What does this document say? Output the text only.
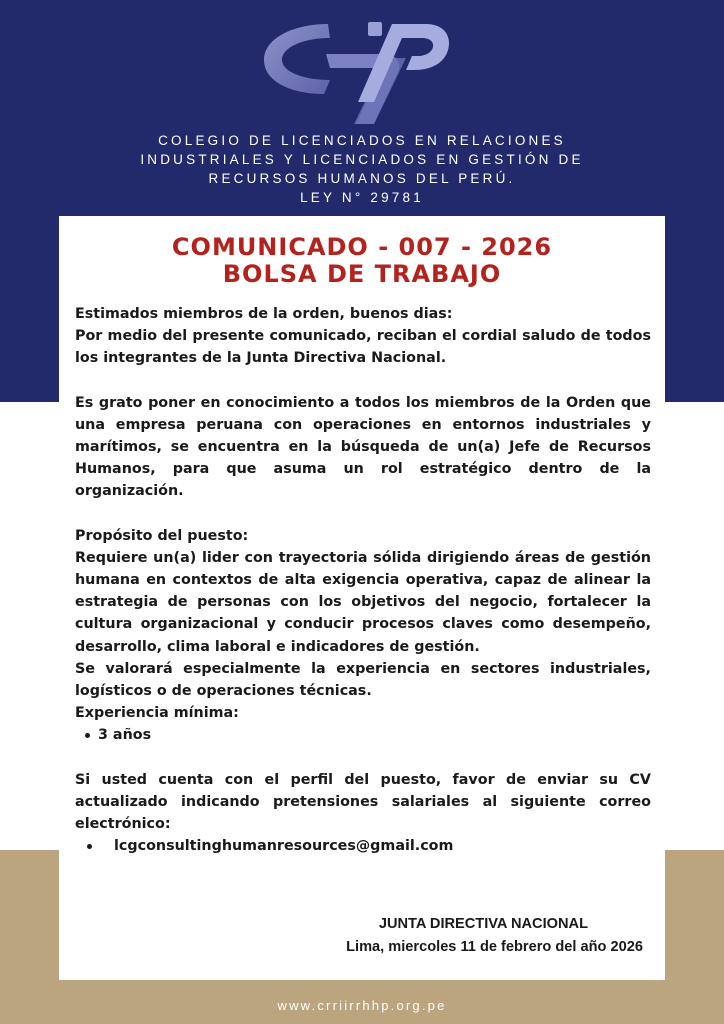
COLEGIO DE LICENCIADOS EN RELACIONES
INDUSTRIALES Y LICENCIADOS EN GESTIÓN DE
RECURSOS HUMANOS DEL PERÚ.
LEY N° 29781
COMUNICADO - 007 - 2026
BOLSA DE TRABAJO

Estimados miembros de la orden, buenos dias:

Por medio del presente comunicado, reciban el cordial saludo de todos los integrantes de la Junta Directiva Nacional.

Es grato poner en conocimiento a todos los miembros de la Orden que una empresa peruana con operaciones en entornos industriales y marítimos, se encuentra en la búsqueda de un(a) Jefe de Recursos Humanos, para que asuma un rol estratégico dentro de la organización.

Propósito del puesto:

Requiere un(a) lider con trayectoria sólida dirigiendo áreas de gestión humana en contextos de alta exigencia operativa, capaz de alinear la estrategia de personas con los objetivos del negocio, fortalecer la cultura organizacional y conducir procesos claves como desempeño, desarrollo, clima laboral e indicadores de gestión.

Se valorará especialmente la experiencia en sectores industriales, logísticos o de operaciones técnicas.

Experiencia mínima:

3 años

Si usted cuenta con el perfil del puesto, favor de enviar su CV actualizado indicando pretensiones salariales al siguiente correo electrónico:

lcgconsultinghumanresources@gmail.com
JUNTA DIRECTIVA NACIONAL
Lima, miercoles 11 de febrero del año 2026
www.crriirrhhp.org.pe
